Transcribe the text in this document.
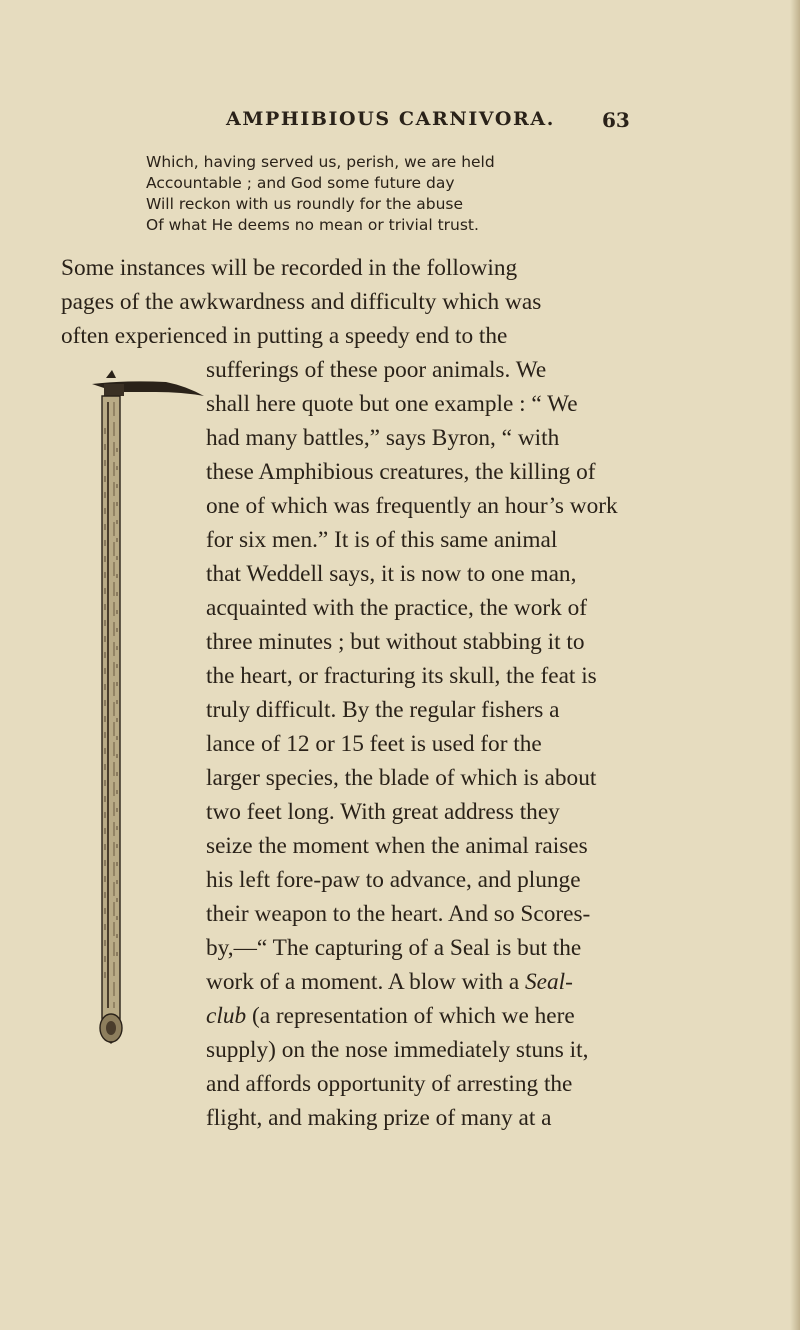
AMPHIBIOUS CARNIVORA. 63
Which, having served us, perish, we are held
Accountable ; and God some future day
Will reckon with us roundly for the abuse
Of what He deems no mean or trivial trust.
Some instances will be recorded in the following
pages of the awkwardness and difficulty which was
often experienced in putting a speedy end to the
sufferings of these poor animals. We
shall here quote but one example : “ We
had many battles,” says Byron, “ with
these Amphibious creatures, the killing of
one of which was frequently an hour’s work
for six men.” It is of this same animal
that Weddell says, it is now to one man,
acquainted with the practice, the work of
three minutes ; but without stabbing it to
the heart, or fracturing its skull, the feat is
truly difficult. By the regular fishers a
lance of 12 or 15 feet is used for the
larger species, the blade of which is about
two feet long. With great address they
seize the moment when the animal raises
his left fore-paw to advance, and plunge
their weapon to the heart. And so Scores-
by,—“ The capturing of a Seal is but the
work of a moment. A blow with a Seal-
club (a representation of which we here
supply) on the nose immediately stuns it,
and affords opportunity of arresting the
flight, and making prize of many at a
